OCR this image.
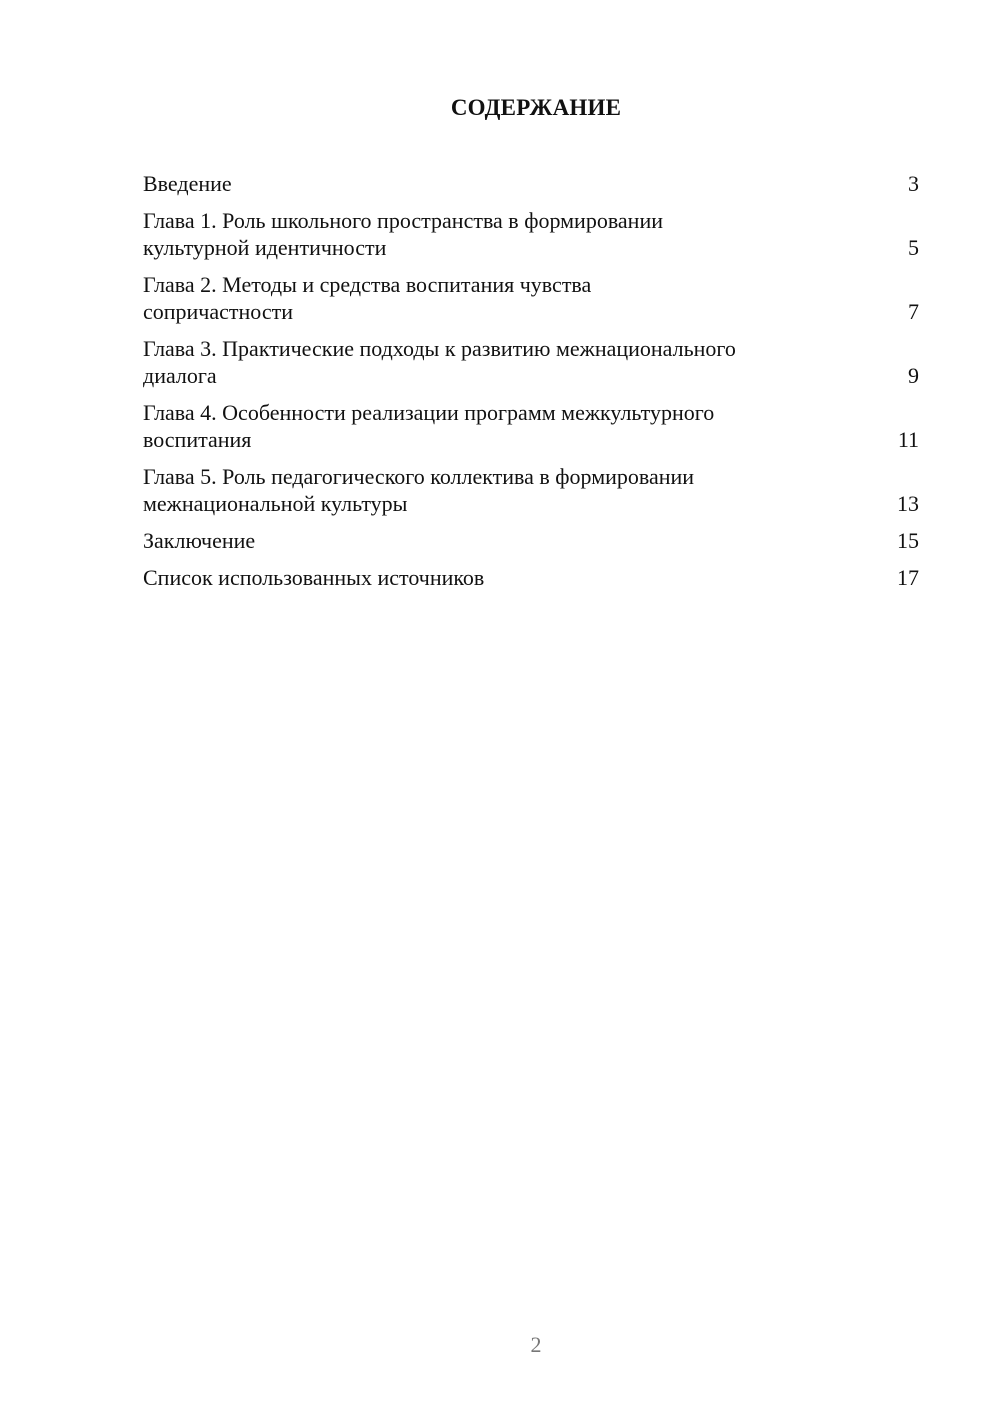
СОДЕРЖАНИЕ
Введение	3
Глава 1. Роль школьного пространства в формировании
культурной идентичности	5
Глава 2. Методы и средства воспитания чувства
сопричастности	7
Глава 3. Практические подходы к развитию межнационального
диалога	9
Глава 4. Особенности реализации программ межкультурного
воспитания	11
Глава 5. Роль педагогического коллектива в формировании
межнациональной культуры	13
Заключение	15
Список использованных источников	17
2
